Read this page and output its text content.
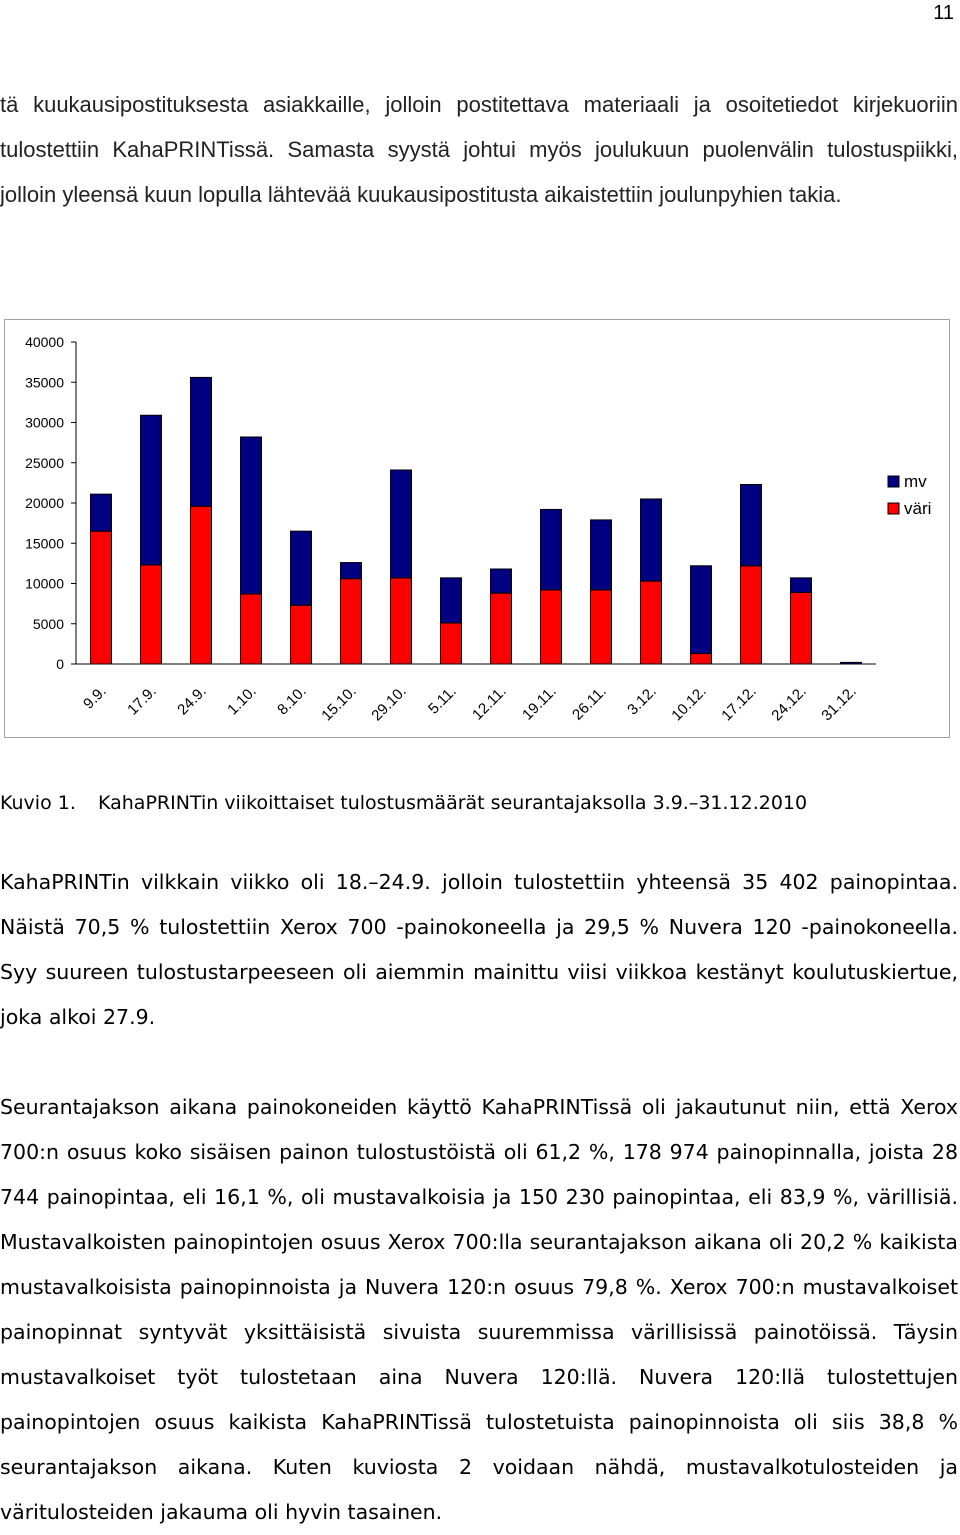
11

tä kuukausipostituksesta asiakkaille, jolloin postitettava materiaali ja osoitetiedot kirjekuoriin tulostettiin KahaPRINTissä. Samasta syystä johtui myös joulukuun puolenvälin tulostuspiikki, jolloin yleensä kuun lopulla lähtevää kuukausipostitusta aikaistettiin joulunpyhien takia.

0
5000
10000
15000
20000
25000
30000
35000
40000
9.9. 17.9. 24.9. 1.10. 8.10. 15.10. 29.10. 5.11. 12.11. 19.11. 26.11. 3.12. 10.12. 17.12. 24.12. 31.12.
mv
väri
Kuvio 1. KahaPRINTin viikoittaiset tulostusmäärät seurantajaksolla 3.9.–31.12.2010

KahaPRINTin vilkkain viikko oli 18.–24.9. jolloin tulostettiin yhteensä 35 402 painopintaa. Näistä 70,5 % tulostettiin Xerox 700 -painokoneella ja 29,5 % Nuvera 120 -painokoneella. Syy suureen tulostustarpeeseen oli aiemmin mainittu viisi viikkoa kestänyt koulutuskiertue, joka alkoi 27.9.

Seurantajakson aikana painokoneiden käyttö KahaPRINTissä oli jakautunut niin, että Xerox 700:n osuus koko sisäisen painon tulostustöistä oli 61,2 %, 178 974 painopinnalla, joista 28 744 painopintaa, eli 16,1 %, oli mustavalkoisia ja 150 230 painopintaa, eli 83,9 %, värillisiä. Mustavalkoisten painopintojen osuus Xerox 700:lla seurantajakson aikana oli 20,2 % kaikista mustavalkoisista painopinnoista ja Nuvera 120:n osuus 79,8 %. Xerox 700:n mustavalkoiset painopinnat syntyvät yksittäisistä sivuista suuremmissa värillisissä painotöissä. Täysin mustavalkoiset työt tulostetaan aina Nuvera 120:llä. Nuvera 120:llä tulostettujen painopintojen osuus kaikista KahaPRINTissä tulostetuista painopinnoista oli siis 38,8 % seurantajakson aikana. Kuten kuviosta 2 voidaan nähdä, mustavalkotulosteiden ja väritulosteiden jakauma oli hyvin tasainen.
